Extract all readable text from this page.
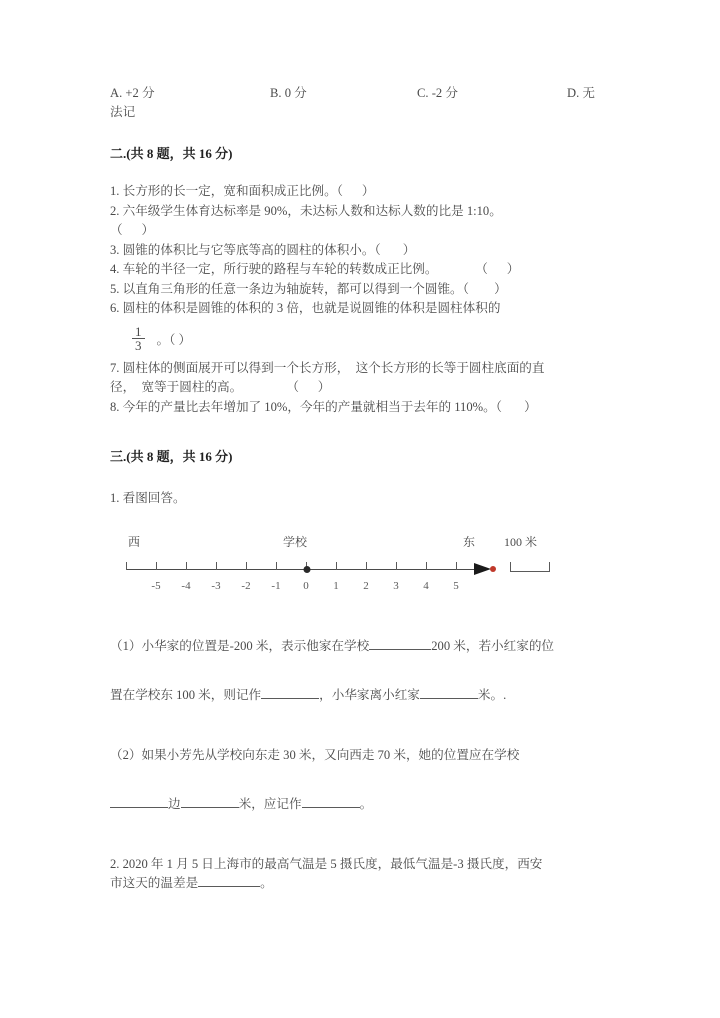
A. +2 分	B. 0 分	C. -2 分	D. 无
法记
二.(共 8 题，共 16 分)

1. 长方形的长一定，宽和面积成正比例。（      ）

2. 六年级学生体育达标率是 90%，未达标人数和达标人数的比是 1:10。

（      ）

3. 圆锥的体积比与它等底等高的圆柱的体积小。（       ）

4. 车轮的半径一定，所行驶的路程与车轮的转数成正比例。            （      ）

5. 以直角三角形的任意一条边为轴旋转，都可以得到一个圆锥。（        ）

6. 圆柱的体积是圆锥的体积的 3 倍，也就是说圆锥的体积是圆柱体积的

$\frac{1}{3}$ 。（ ）

7. 圆柱体的侧面展开可以得到一个长方形，  这个长方形的长等于圆柱底面的直

径，  宽等于圆柱的高。              （      ）

8. 今年的产量比去年增加了 10%，今年的产量就相当于去年的 110%。（       ）

三.(共 8 题，共 16 分)

1. 看图回答。

西	学校	东 100 米
-5 -4 -3 -2 -1 0 1 2 3 4 5

（1）小华家的位置是-200 米，表示他家在学校	200 米，若小红家的位

置在学校东 100 米，则记作	，小华家离小红家	米。.

（2）如果小芳先从学校向东走 30 米，又向西走 70 米，她的位置应在学校

边	米，应记作	。

2. 2020 年 1 月 5 日上海市的最高气温是 5 摄氏度，最低气温是-3 摄氏度，西安

市这天的温差是	。
